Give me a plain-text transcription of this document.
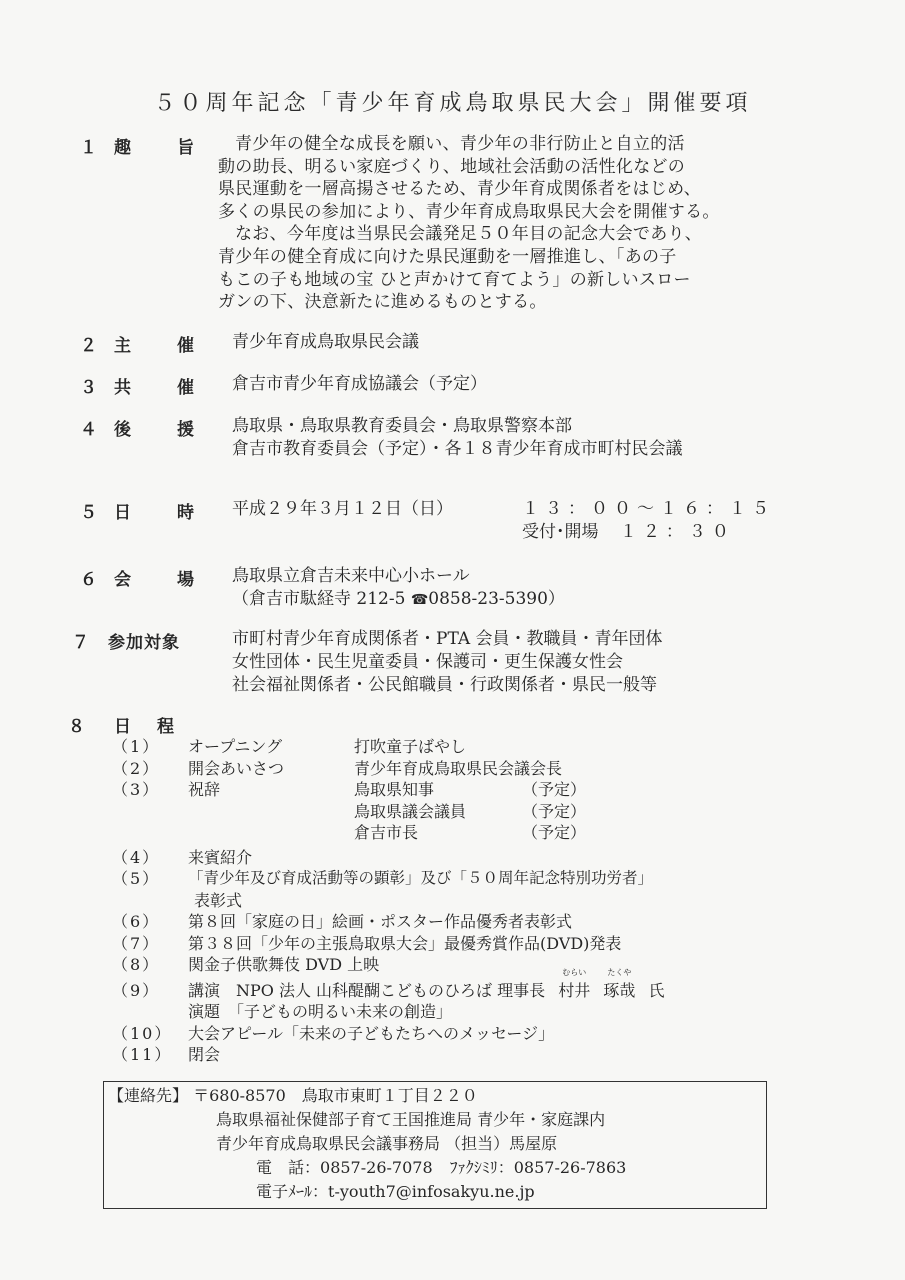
５０周年記念「青少年育成鳥取県民大会」開催要項
１ 趣	旨	青少年の健全な成長を願い、青少年の非行防止と自立的活
動の助長、明るい家庭づくり、地域社会活動の活性化などの
県民運動を一層高揚させるため、青少年育成関係者をはじめ、
多くの県民の参加により、青少年育成鳥取県民大会を開催する。
なお、今年度は当県民会議発足５０年目の記念大会であり、
青少年の健全育成に向けた県民運動を一層推進し、「あの子
もこの子も地域の宝 ひと声かけて育てよう」の新しいスロー
ガンの下、決意新たに進めるものとする。
２ 主	催 青少年育成鳥取県民会議
３ 共	催 倉吉市青少年育成協議会（予定）
４ 後	援 鳥取県・鳥取県教育委員会・鳥取県警察本部
倉吉市教育委員会（予定）・各１８青少年育成市町村民会議
５ 日	時 平成２９年３月１２日（日）	１３：００～１６：１５
受付･開場 １２：３０
６ 会	場 鳥取県立倉吉未来中心小ホール
（倉吉市駄経寺 212-5 ☎0858-23-5390）
７ 参加対象	市町村青少年育成関係者・PTA 会員・教職員・青年団体
女性団体・民生児童委員・保護司・更生保護女性会
社会福祉関係者・公民館職員・行政関係者・県民一般等
８ 日 程
（1）	オープニング	打吹童子ばやし
（2）	開会あいさつ	青少年育成鳥取県民会議会長
（3）	祝辞	鳥取県知事	（予定）
鳥取県議会議員	（予定）
倉吉市長	（予定）
（4）	来賓紹介
（5）	「青少年及び育成活動等の顕彰」及び「５０周年記念特別功労者」
表彰式
（6）	第８回「家庭の日」絵画・ポスター作品優秀者表彰式
（7）	第３８回「少年の主張鳥取県大会」最優秀賞作品(DVD)発表
（8）	関金子供歌舞伎 DVD 上映
（9）	講演　NPO 法人 山科醍醐こどものひろば 理事長
むらい
村井
たくや
琢哉 氏
演題　「子どもの明るい未来の創造」
（10） 大会アピール「未来の子どもたちへのメッセージ」
（11） 閉会
【連絡先】 〒680-8570　鳥取市東町１丁目２２０
鳥取県福祉保健部子育て王国推進局 青少年・家庭課内
青少年育成鳥取県民会議事務局 （担当）馬屋原
電　話：0857-26-7078 ﾌｧｸｼﾐﾘ：0857-26-7863
電子ﾒｰﾙ：t-youth7@infosakyu.ne.jp
